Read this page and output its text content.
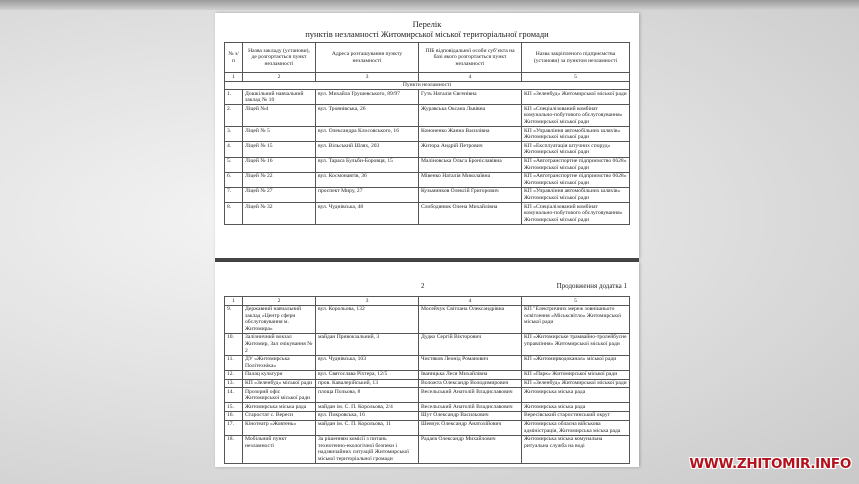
Перелік
пунктів незламності Житомирської міської територіальної громади
№ з/п	Назва закладу (установи), де розгортається пункт незламності	Адреса розташування пункту незламності	ПІБ відповідальної особи суб’єкта на базі якого розгортається пункт незламності	Назва закріпленого підприємства (установи) за пунктом незламності
1	2	3	4	5
Пункти незламності				
1.	Дошкільний навчальний заклад № 10	вул. Михайла Грушевського, 89/97	Гуть Наталія Євгенівна	КП «Зеленбуд» Житомирської міської ради
2.	Ліцей №4	вул. Троянівська, 26	Журавська Оксана Львівна	КП «Спеціалізований комбінат комунально-побутового обслуговування» Житомирської міської ради
3.	Ліцей № 5	вул. Олександра Клосовського, 16	Кононенко Жанна Василівна	КП «Управління автомобільних шляхів» Житомирської міської ради
4.	Ліцей № 15	вул. Вільський Шлях, 203	Житора Андрій Петрович	КП «Експлуатація штучних споруд» Житомирської міської ради
5.	Ліцей № 16	вул. Тараса Бульби-Боровця, 15	Маліновська Ольга Броніславівна	КП «Автотранспортне підприємство 0628» Житомирської міської ради
6.	Ліцей № 22	вул. Космонавтів, 36	Мівенко Наталія Миколаївна	КП «Автотранспортне підприємство 0628» Житомирської міської ради
7.	Ліцей № 27	проспект Миру, 27	Кузьминков Олексій Григорович	КП «Управління автомобільних шляхів» Житомирської міської ради
8.	Ліцей № 32	вул. Чуднівська, 48	Слободянюк Олена Михайлівна	КП «Спеціалізований комбінат комунально-побутового обслуговування» Житомирської міської ради
2	Продовження додатка 1
1	2	3	4	5
9.	Державний навчальний заклад «Центр сфери обслуговування м. Житомира»	вул. Корольова, 132	Мосейчук Світлана Олександрівна	КП "Електричних мереж зовнішнього освітлення «Міськсвітло» Житомирської міської ради
10.	Залізничний вокзал Житомир, Зал очікування № 2	майдан Привокзальний, 3	Дудко Сергій Вікторович	КП «Житомирське трамвайно-тролейбусне управління» Житомирської міської ради
11.	ДУ «Житомирська Політехніка»	вул. Чуднівська, 103	Чистяков Леонід Романович	КП «Житомирводоканал» міської ради
12.	Палац культури	вул. Святослава Ріхтера, 12/5	Іваницька Леся Михайлівна	КП «Парк» Житомирської міської ради
13.	КП «Зеленбуд» міської ради	пров. Кавалерійський, 13	Воложта Олександр Володимирович	КП «Зеленбуд» Житомирської міської ради
14.	Прозорий офіс Житомирської міської ради	площа Польова, 8	Весельський Анатолій Владиславович	Житомирська міська рада
15.	Житомирська міська рада	майдан ім. С. П. Корольова, 2/4	Весельський Анатолій Владиславович	Житомирська міська рада
16.	Старостат с. Вереси	вул. Покровська, 16	Шут Олександр Васильович	Вересівський старостинський округ
17.	Кінотеатр «Жовтень»	майдан ім. С. П. Корольова, 11	Шевчук Олександр Анатолійович	Житомирська обласна військова адміністрація, Житомирська міська рада
18.	Мобільний пункт незламності	За рішенням комісії з питань техногенно-екологічної безпеки і надзвичайних ситуацій Житомирської міської територіальної громади	Радаєв Олександр Михайлович	Житомирська міська комунальна ритуальна служба на воді
WWW.ZHITOMIR.INFO
